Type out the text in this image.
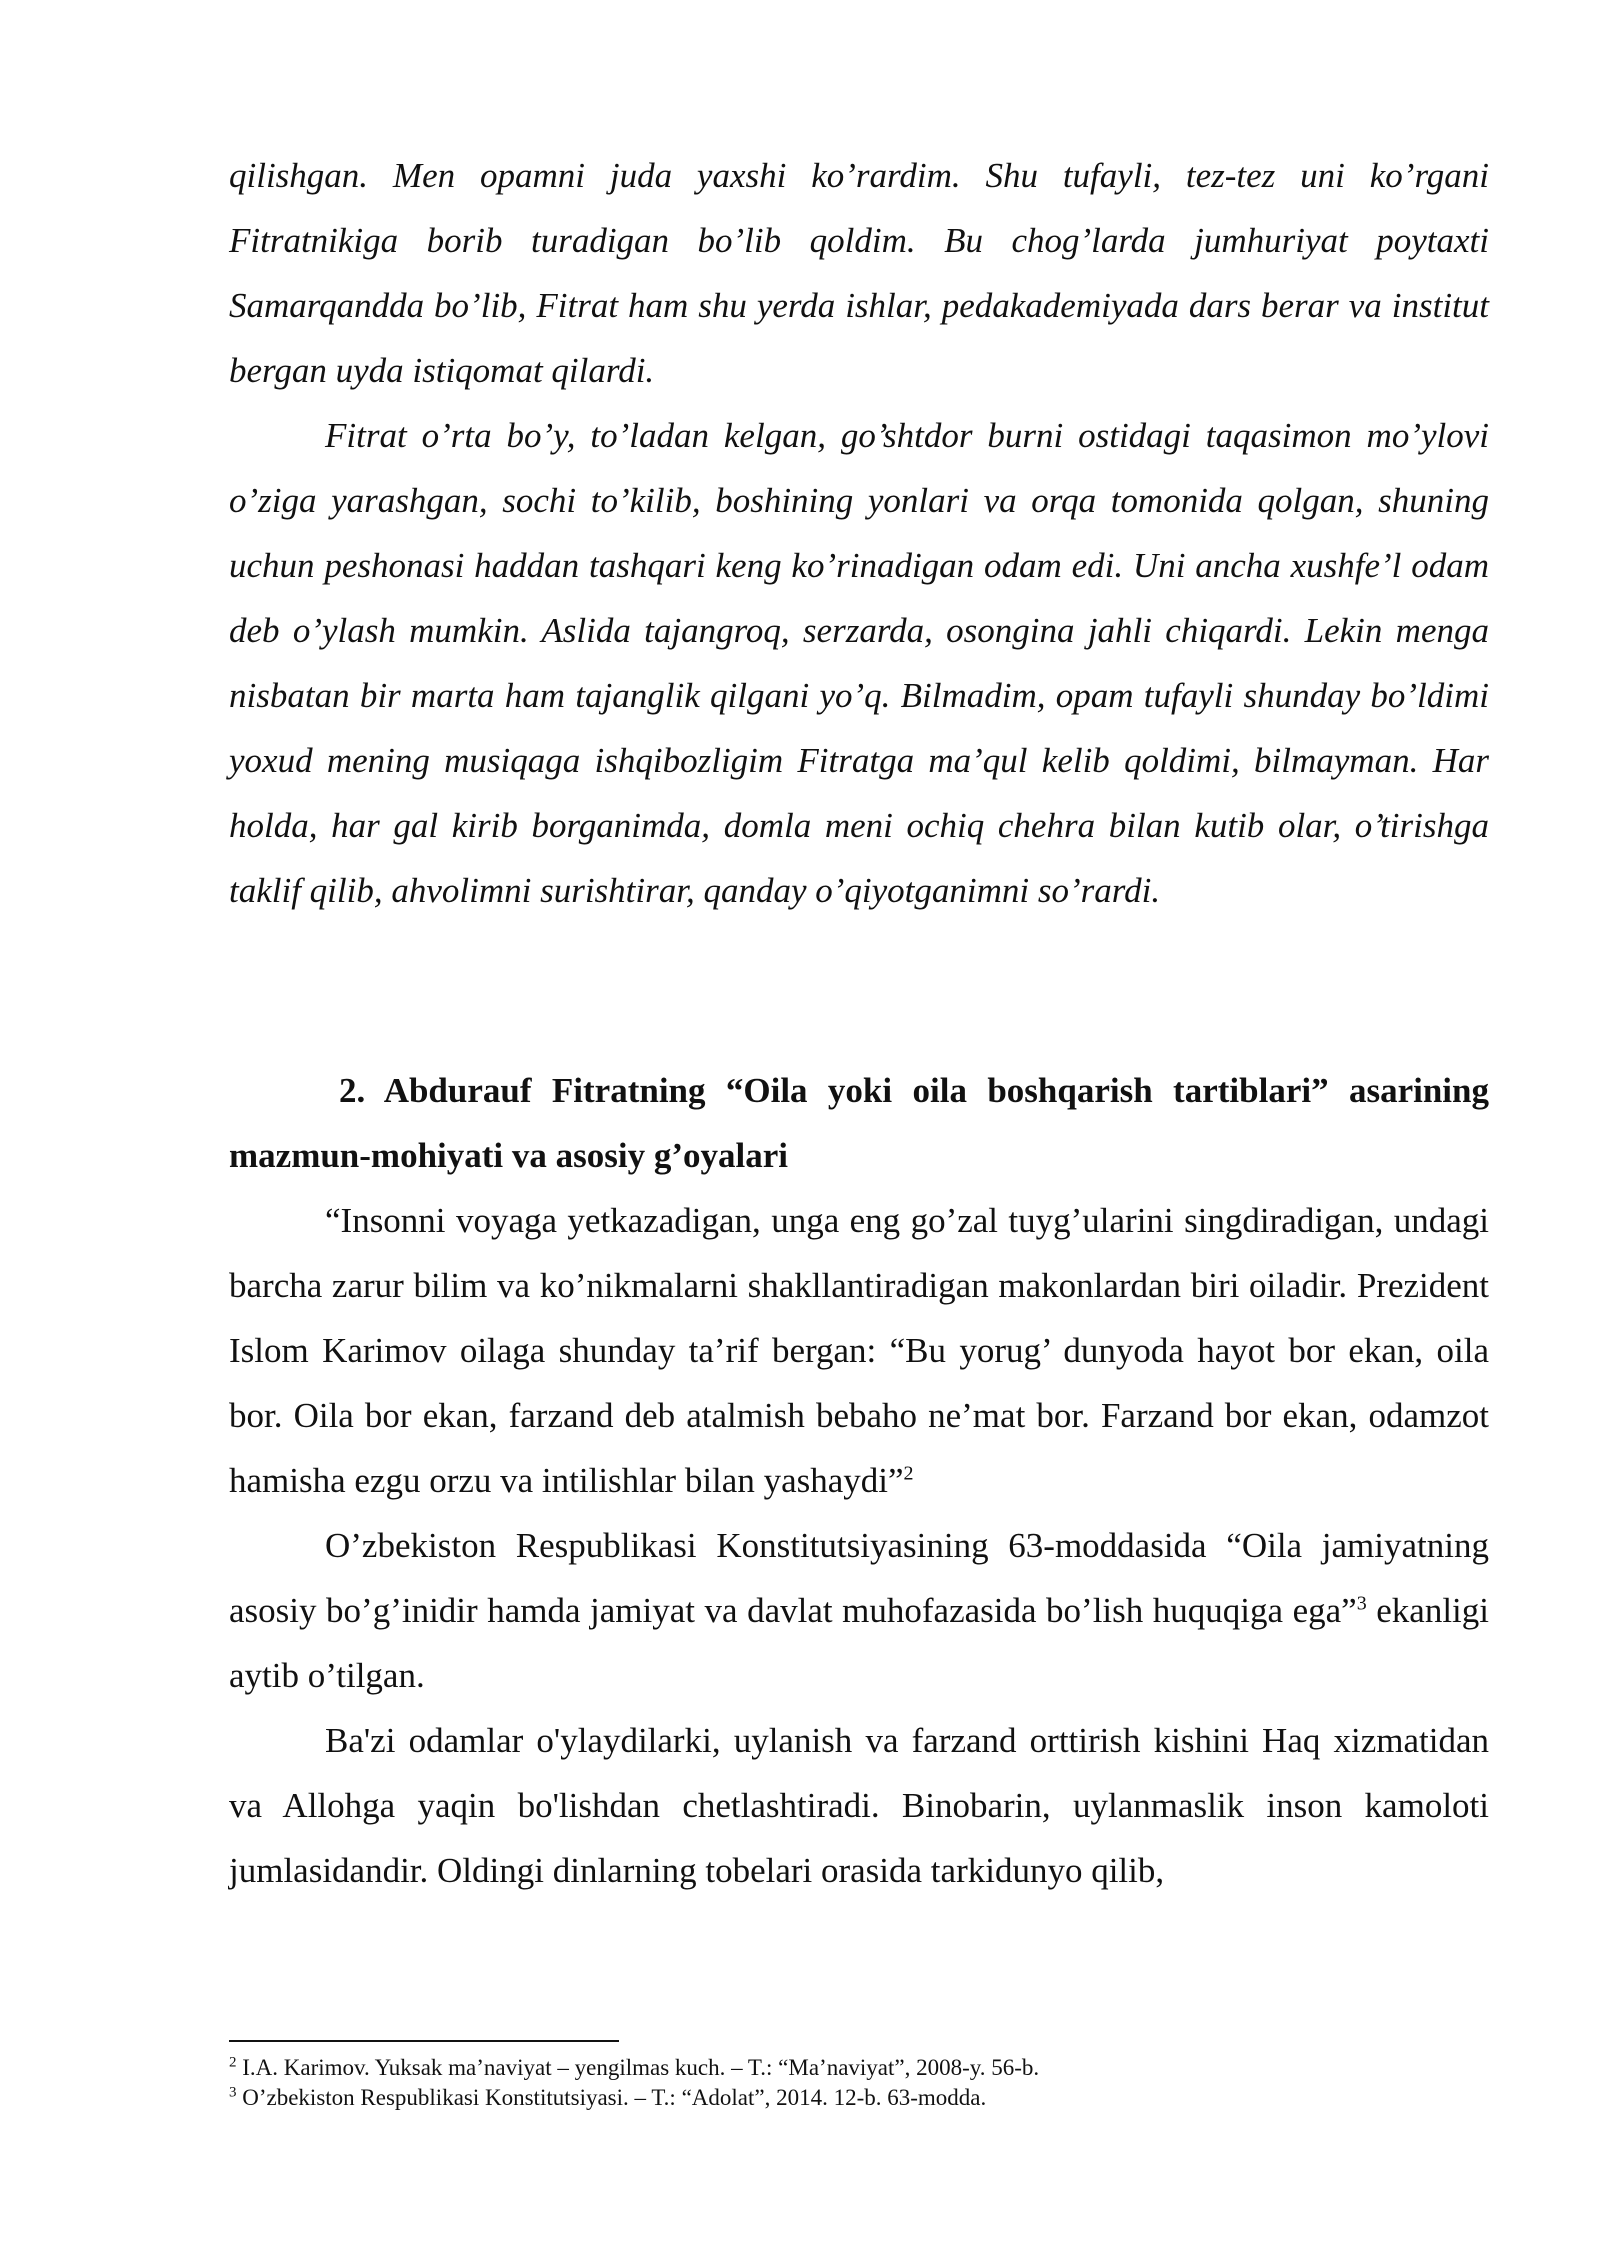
qilishgan. Men opamni juda yaxshi ko’rardim. Shu tufayli, tez-tez uni ko’rgani Fitratnikiga borib turadigan bo’lib qoldim. Bu chog’larda jumhuriyat poytaxti Samarqandda bo’lib, Fitrat ham shu yerda ishlar, pedakademiyada dars berar va institut bergan uyda istiqomat qilardi.

Fitrat o’rta bo’y, to’ladan kelgan, go’shtdor burni ostidagi taqasimon mo’ylovi o’ziga yarashgan, sochi to’kilib, boshining yonlari va orqa tomonida qolgan, shuning uchun peshonasi haddan tashqari keng ko’rinadigan odam edi. Uni ancha xushfe’l odam deb o’ylash mumkin. Aslida tajangroq, serzarda, osongina jahli chiqardi. Lekin menga nisbatan bir marta ham tajanglik qilgani yo’q. Bilmadim, opam tufayli shunday bo’ldimi yoxud mening musiqaga ishqibozligim Fitratga ma’qul kelib qoldimi, bilmayman. Har holda, har gal kirib borganimda, domla meni ochiq chehra bilan kutib olar, o’tirishga taklif qilib, ahvolimni surishtirar, qanday o’qiyotganimni so’rardi.

2. Abdurauf Fitratning “Oila yoki oila boshqarish tartiblari” asarining mazmun-mohiyati va asosiy g’oyalari

“Insonni voyaga yetkazadigan, unga eng go’zal tuyg’ularini singdiradigan, undagi barcha zarur bilim va ko’nikmalarni shakllantiradigan makonlardan biri oiladir. Prezident Islom Karimov oilaga shunday ta’rif bergan: “Bu yorug’ dunyoda hayot bor ekan, oila bor. Oila bor ekan, farzand deb atalmish bebaho ne’mat bor. Farzand bor ekan, odamzot hamisha ezgu orzu va intilishlar bilan yashaydi”$^2$

O’zbekiston Respublikasi Konstitutsiyasining 63-moddasida “Oila jamiyatning asosiy bo’g’inidir hamda jamiyat va davlat muhofazasida bo’lish huquqiga ega”$^3$ ekanligi aytib o’tilgan.

Ba'zi odamlar o'ylaydilarki, uylanish va farzand orttirish kishini Haq xizmatidan va Allohga yaqin bo'lishdan chetlashtiradi. Binobarin, uylanmaslik inson kamoloti jumlasidandir. Oldingi dinlarning tobelari orasida tarkidunyo qilib,

$^2$ I.A. Karimov. Yuksak ma’naviyat – yengilmas kuch. – T.: “Ma’naviyat”, 2008-y. 56-b.

$^3$ O’zbekiston Respublikasi Konstitutsiyasi. – T.: “Adolat”, 2014. 12-b. 63-modda.
